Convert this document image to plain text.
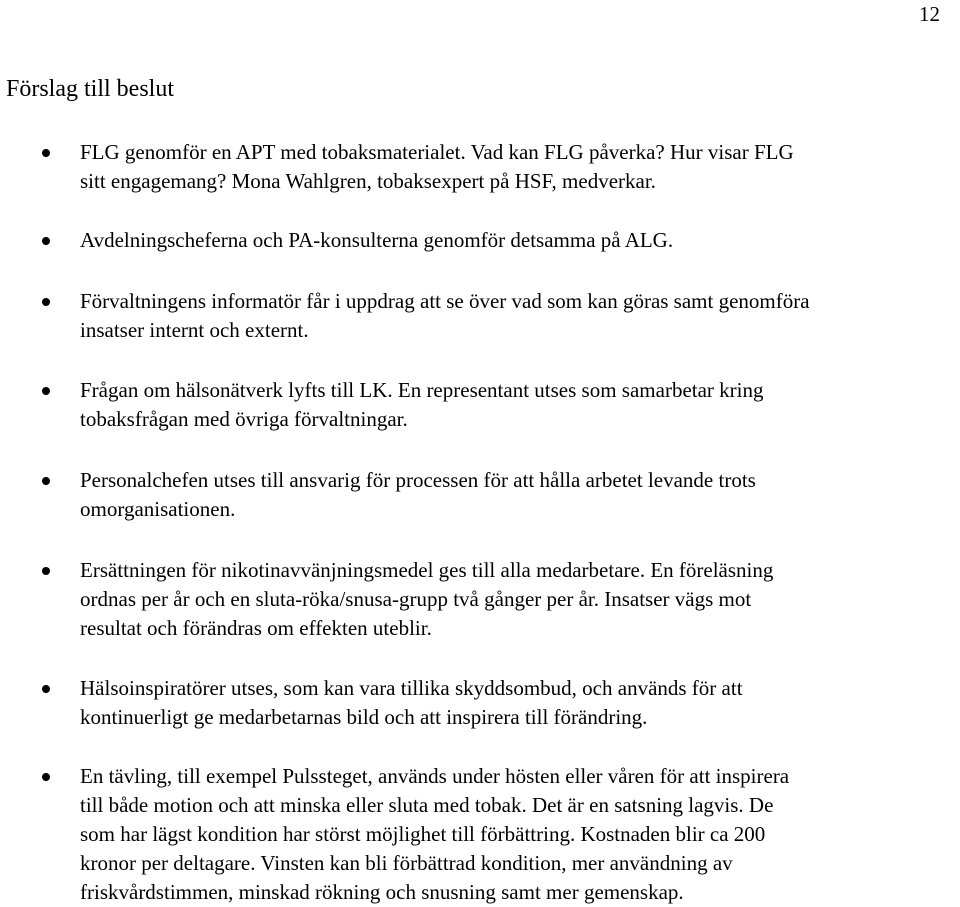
12
Förslag till beslut
FLG genomför en APT med tobaksmaterialet. Vad kan FLG påverka? Hur visar FLG
sitt engagemang? Mona Wahlgren, tobaksexpert på HSF, medverkar.
Avdelningscheferna och PA-konsulterna genomför detsamma på ALG.
Förvaltningens informatör får i uppdrag att se över vad som kan göras samt genomföra
insatser internt och externt.
Frågan om hälsonätverk lyfts till LK. En representant utses som samarbetar kring
tobaksfrågan med övriga förvaltningar.
Personalchefen utses till ansvarig för processen för att hålla arbetet levande trots
omorganisationen.
Ersättningen för nikotinavvänjningsmedel ges till alla medarbetare. En föreläsning
ordnas per år och en sluta-röka/snusa-grupp två gånger per år. Insatser vägs mot
resultat och förändras om effekten uteblir.
Hälsoinspiratörer utses, som kan vara tillika skyddsombud, och används för att
kontinuerligt ge medarbetarnas bild och att inspirera till förändring.
En tävling, till exempel Pulssteget, används under hösten eller våren för att inspirera
till både motion och att minska eller sluta med tobak. Det är en satsning lagvis. De
som har lägst kondition har störst möjlighet till förbättring. Kostnaden blir ca 200
kronor per deltagare. Vinsten kan bli förbättrad kondition, mer användning av
friskvårdstimmen, minskad rökning och snusning samt mer gemenskap.
